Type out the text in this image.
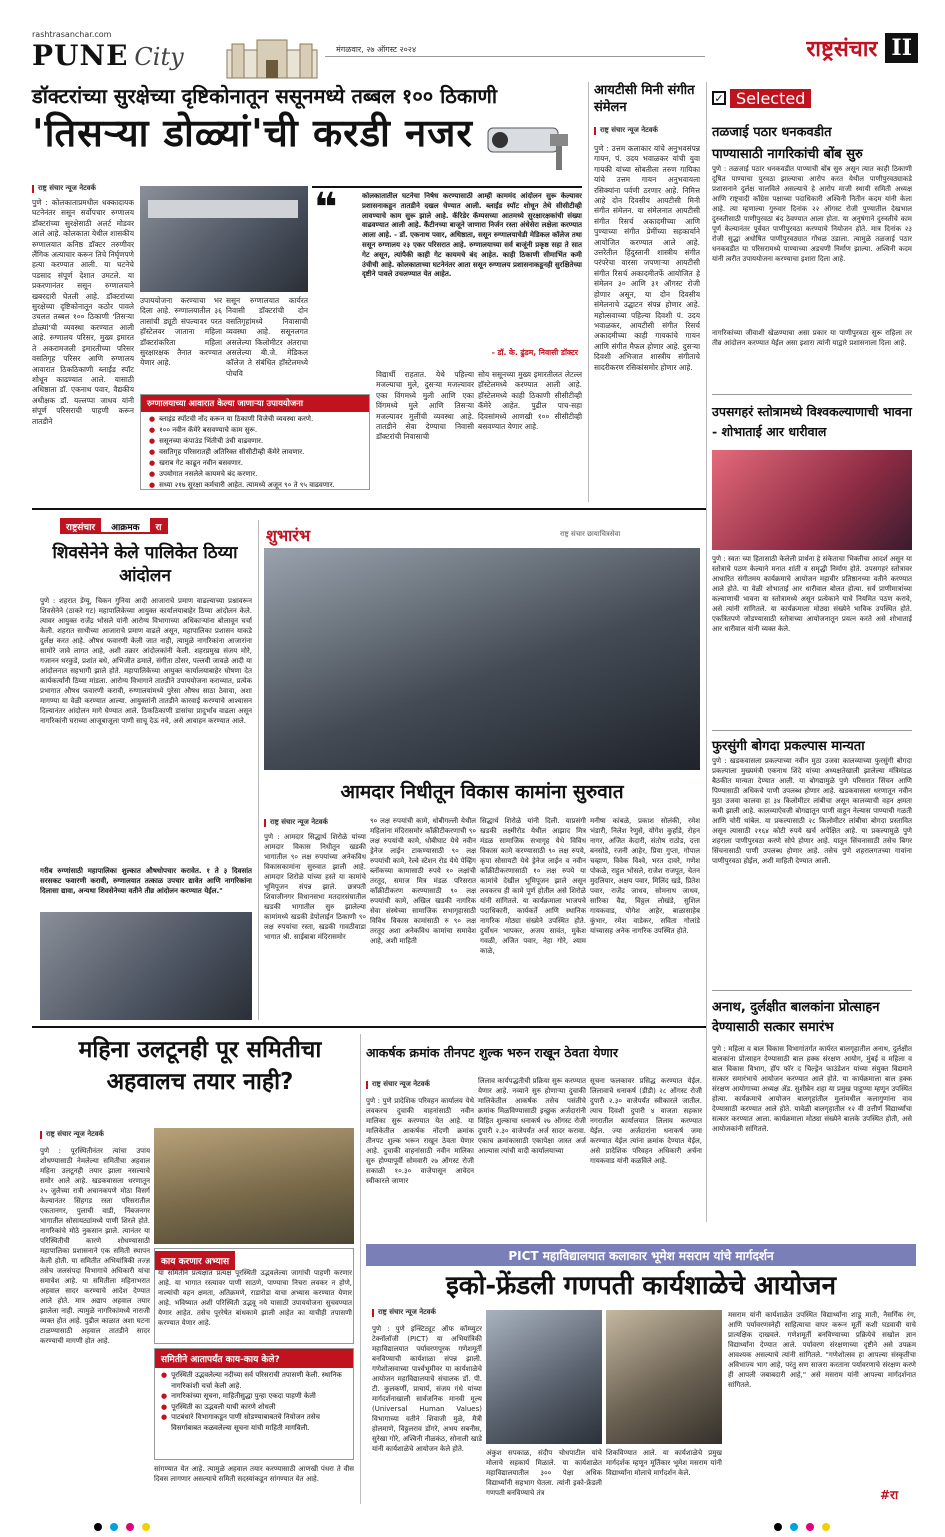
rashtrasanchar.com
PUNE City	मंगळवार, २७ ऑगस्ट २०२४	राष्ट्रसंचार II
डॉक्टरांच्या सुरक्षेच्या दृष्टिकोनातून ससूनमध्ये तब्बल १०० ठिकाणी
'तिसऱ्या डोळ्यां'ची करडी नजर
राष्ट्र संचार न्यूज नेटवर्क
पुणे : कोलकाताप्रमधील धक्कादायक घटनेनंतर ससून सर्वोपचार रुग्णालय डॉक्टरांच्या सुरक्षेसाठी अलर्ट मोडवर आले आहे. कोलकाता येथील शासकीय रुग्णालयात कनिष्ठ डॉक्टर तरुणीवर लैंगिक अत्याचार करून तिचे निर्घृणपणे हत्या करण्यात आली. या घटनेचे पडसाद संपूर्ण देशात उमटले. या प्रकरणानंतर ससून रुग्णालयाने खबरदारी घेतली आहे. डॉक्टरांच्या सुरक्षेच्या दृष्टिकोनातून कठोर पावले उचलत तब्बल १०० ठिकाणी 'तिसऱ्या डोळ्यां'ची व्यवस्था करण्यात आली आहे. रुग्णालय परिसर, मुख्य इमारत ते अकरामजली इमारतीच्या परिसर वसतिगृह परिसर आणि रुग्णालय आवारात ठिकठिकाणी ब्लाईंड स्पॉट शोधून काढण्यात आले. यासाठी अधिष्ठाता डॉ. एकनाथ पवार, वैद्यकीय अधीक्षक डॉ. यल्लप्पा जाधव यांनी संपूर्ण परिसराची पाहणी करून तातडीने
उपाययोजना करण्याचा भर दिला आहे. रुग्णालयातील ३६ तासांची ड्यूटी संपल्यावर परत हॉस्टेलवर जाताना महिला डॉक्टरांकरिता महिला सुरक्षारक्षक तैनात करण्यात येणार आहे.
ससून रुग्णालयात कार्यरत निवासी डॉक्टरांची दोन वसतिगृहांमध्ये निवासाची व्यवस्था आहे. ससूनलगत असलेल्या किलोमीटर अंतराचा असलेल्या बी.जे. मेडिकल कॉलेज ते संबंधित हॉस्टेलमध्ये पोचवि
❝	कोलकातातील घटनेचा निषेध करण्यासाठी आम्ही काममंद आंदोलन सुरू केल्यावर प्रशासनाकडून तातडीने दखल घेण्यात आली. ब्लाईंड स्पॉट शोधून तेथे सीसीटीव्ही लावण्याचे काम सुरू झाले आहे. कॅरिडेर कॅम्पसच्या आतमध्ये सुरक्षारक्षकांची संख्या वाढवण्यात आली आहे. कैंटीनच्या बाजूने जाणारा निर्जन रस्ता अंधेसेरा लक्षेला करण्यात आला आहे. - डॉ. एकनाथ पवार, अधिष्ठाता, ससून रुग्णालयाचेडी मेडिकल कॉलेज तथा ससून रुग्णालय २३ एकर परिसरात आहे. रुग्णालयाच्या सर्व बाजूंनी प्रकृष्ठ सहा ते सात गेट असून, त्यांपैकी काही गेट कायमचे बंद आहेत. काही ठिकाणी सीमाभिंत कमी उंचीची आहे. कोलकाताच्या घटनेनंतर आता ससून रुग्णालय प्रशासनाकडूनही सुरक्षितेच्या दृष्टीने पावले उचलण्यात येत आहेत.
- डॉ. के. ढुंडम, निवासी डॉक्टर
रुग्णालयाच्या आवारात केल्या जाणाऱ्या उपाययोजना
● ब्लाइंड स्पॉटची नोंद करून या ठिकाणी विजेची व्यवस्था करणे.
● १०० नवीन कॅमेरे बसवण्याचे काम सुरू.
● ससूनच्या कंपाउंड भिंतीची उंची वाढवणार.
● वसतिगृह परिसरातही अतिरिक्त सीसीटीव्ही कॅमेरे लावणार.
● खराब गेट काढून नवीन बसवणार.
● उपयोगात नसलेले कायमचे बंद करणार.
● सध्या २१७ सुरक्षा कर्मचारी आहेत. त्यामध्ये अजून ९० ते ९५ वाढवणार.
विद्यार्थी राहतात. येथे पहिल्या मजल्याचा मुले, दुसऱ्या मजल्यावर एका विंगमध्ये मुली आणि एका विंगमध्ये मुले आणि तिसऱ्या मजल्यावर मुलींची व्यवस्था आहे. तातडीने सेवा देण्याचा निवासी डॉक्टरांची निवासाची
सोय ससूनच्या मुख्य इमारतीलत लेटल्ल हॉस्टेलमध्ये करण्यात आली आहे. हॉस्टेलमध्ये काही ठिकाणी सीसीटीव्ही कॅमेरे आहेत. पुढील पाच-सहा दिवसांमध्ये आणखी १०० सीसीटीव्ही बसवण्यात येणार आहे.
आयटीसी मिनी संगीत संमेलन
राष्ट्र संचार न्यूज नेटवर्क
पुणे : उत्तम कलाकार यांचे अनुभवसंपन्न गायन, पं. उदय भवाळकर यांची युवा गायकी यांच्या सोबतीला तरुण गायिका यांचे उत्तम गायन अनुभवायला रसिक्यांना पर्वणी ठरणार आहे. निमित्त आहे दोन दिवसीय आयटीसी मिनी संगीत संमेलन. या संमेलनात आयटीसी संगीत रिसर्च अकादमीच्या आणि पुण्याच्या संगीत प्रेमींच्या सहकार्याने आयोजित करण्यात आले आहे. उत्तरेतील हिंदुस्तानी शास्त्रीय संगीत परंपरेचा वारसा जपणाऱ्या आयटीसी संगीत रिसर्च अकादमीतर्फे आयोजित हे संमेलन ३० आणि ३१ ऑगस्ट रोजी होणार असून, या दोन दिवसीय संमेलनाचे उद्घाटन संपन्न होणार आहे. महोत्सवाच्या पहिल्या दिवशी पं. उदय भवाळकर, आयटीसी संगीत रिसर्च अकादमीच्या काही गायकांचे गायन आणि संगीत मैफल होणार आहे. दुसऱ्या दिवशी अभिजात शास्त्रीय संगीताचे सादरीकरण रसिकांसमोर होणार आहे.
✓ Selected
तळजाई पठार धनकवडीत
पाण्यासाठी नागरिकांची बोंब सुरु
पुणे : तळजाई पठार धनकवडीत पाण्याची बोंब सुरु असून त्यात काही ठिकाणी दूषित पाण्याचा पुरवठा झाल्याचा आरोप करत येथील पाणीपुरवठ्याकडे प्रशासनाने दुर्लक्ष चालविले असल्याचे हे आरोप माजी स्थायी समिती अध्यक्ष आणि राष्ट्रवादी काँग्रेस पक्षाच्या पदाधिकारी अश्विनी नितीन कदम यांनी केला आहे. त्या म्हणाल्या गुरुवार दिनांक २२ ऑगस्ट रोजी पुण्यातील देखभाल दुरुस्तीसाठी पाणीपुरवठा बंद ठेवण्यात आला होता. या अनुषंगाने दुरुस्तीचे काम पूर्ण केल्यानंतर पूर्ववत पाणीपुरवठा करण्याचे नियोजन होते. मात्र दिनांक २३ रोजी सुद्धा अधोषित पाणीपुरवठ्यात गोंधळ उडाला. त्यामुळे तळजाई पठार धनकवडीत या परिसरामध्ये पाण्याच्या अडचणी निर्माण झाल्या. अश्विनी कदम यांनी त्वरीत उपाययोजना करण्याचा इशारा दिला आहे.
नागरिकांच्या जीवाशी खेळण्याचा असा प्रकार या पाणीपुरवठा सुरू राहिला तर तीव्र आंदोलन करण्यात येईल असा इशारा त्यांनी याद्वारे प्रशासनाला दिला आहे.
उपसगहरं स्तोत्रामध्ये विश्वकल्याणाची भावना - शोभाताई आर धारीवाल
पुणे : स्वतः च्या हितासाठी केलेली प्रार्थना हे संकेताचा भिक्तीचा आदर्श असून या स्तोत्राचे पठण केल्याने मनात शांती व समृद्धी निर्माण होते. उपसगहरं स्तोत्रावर आधारित संगीतमय कार्यक्रमाचे आयोजन महावीर प्रतिष्ठानच्या वतीने करण्यात आले होते. या वेळी शोभाताई आर धारीवाल बोलत होत्या. सर्व प्राणीमात्रांच्या कल्याणाची भावना या स्तोत्रामध्ये असून प्रत्येकाने याचे नियमित पठण करावे, असे त्यांनी सांगितले. या कार्यक्रमाला मोठ्या संख्येने भाविक उपस्थित होते. एकत्रितपणे जोडण्यासाठी स्तोत्राच्या आयोजनातून प्रयत्न करते असे शोभाताई आर धारीवाल यांनी व्यक्त केले.
फुरसुंगी बोगदा प्रकल्पास मान्यता
पुणे : खडकवासला प्रकल्पाच्या नवीन मुठा उजवा कालव्याच्या फुरसुंगी बोगदा प्रकल्पाला मुख्यमंत्री एकनाथ शिंदे यांच्या अध्यक्षतेखाली झालेल्या मंत्रिमंडळ बैठकीत मान्यता देण्यात आली. या बोगद्यामुळे पुणे परिसरात सिंचन आणि पिण्यासाठी अधिकचे पाणी उपलब्ध होणार आहे. खडकवासला धरणातून नवीन मुठा उजवा कालवा हा ३४ किलोमीटर लांबीचा असून कालव्याची वहन क्षमता कमी झाली आहे. कालव्याऐवजी बोगद्यातून पाणी वाहून नेल्यास पाण्याची गळती आणि चोरी थांबेल. या प्रकल्पासाठी २८ किलोमीटर लांबीचा बोगदा प्रस्तावित असून त्यासाठी २१६४ कोटी रुपये खर्च अपेक्षित आहे. या प्रकल्पामुळे पुणे शहराला पाणीपुरवठा करणे सोपे होणार आहे. यातून सिंचनासाठी तसेच बिगर सिंचनासाठी पाणी उपलब्ध होणार आहे. तसेच पुणे शहरालगतच्या गावांना पाणीपुरवठा होईल, अशी माहिती देण्यात आली.
अनाथ, दुर्लक्षीत बालकांना प्रोत्साहन देण्यासाठी सत्कार समारंभ
पुणे : महिला व बाल विकास विभागांतर्गत कार्यरत बालगृहातील अनाथ, दुर्लक्षीत बालकांना प्रोत्साहन देण्यासाठी बाल हक्क संरक्षण आयोग, मुंबई व महिला व बाल विकास विभाग, हॉप फॉर द चिल्ड्रेन फाउंडेशन यांच्या संयुक्त विद्यमाने सत्कार समारंभाचे आयोजन करण्यात आले होते. या कार्यक्रमाला बाल हक्क संरक्षण आयोगाच्या अध्यक्ष ॲड. सुशीबेन शहा या प्रमुख पाहुण्या म्हणून उपस्थित होत्या. कार्यक्रमाचे आयोजन बालगृहांतील मुलांमधील कलागुणांना वाव देण्यासाठी करण्यात आले होते. यावेळी बालगृहातील १२ वी उत्तीर्ण विद्यार्थ्यांचा सत्कार करण्यात आला. कार्यक्रमाला मोठ्या संख्येने बालके उपस्थित होती, असे आयोजकांनी सांगितले.
राष्ट्रसंचार	आक्रमक	रा
शिवसेनेने केले पालिकेत ठिय्या आंदोलन
पुणे : शहरात डेंग्यू, चिकन गुनिया आदी आजाराचे प्रमाण वाढल्याच्या प्रश्नावरून शिवसेनेने (ठाकरे गट) महापालिकेच्या आयुक्त कार्यालयाबाहेर ठिय्या आंदोलन केले. त्यावर आयुक्त राजेंद्र भोसले यांनी आरोग्य विभागाच्या अधिकाऱ्यांना बोलावून चर्चा केली. शहरात साथीच्या आजाराचे प्रमाण वाढले असून, महापालिका प्रशासन याकडे दुर्लक्ष करत आहे. औषध फवारणी केली जात नाही, त्यामुळे नागरिकांना आजारांना सामोरे जावे लागत आहे, अशी तक्रार आंदोलकांनी केली. शहरप्रमुख संजय मोरे, गजानन थरकुडे, प्रशांत बधे, अभिजीत ढमाले, संगीता ठोसर, पल्लवी जावळे आदी या आंदोलनात सहभागी झाले होते. महापालिकेच्या आयुक्त कार्यालयाबाहेर घोषणा देत कार्यकर्त्यांनी ठिय्या मांडला. आरोग्य विभागाने तातडीने उपाययोजना कराव्यात, प्रत्येक प्रभागात औषध फवारणी करावी, रुग्णालयांमध्ये पुरेसा औषध साठा ठेवावा, अशा मागण्या या वेळी करण्यात आल्या. आयुक्तांनी तातडीने कारवाई करण्याचे आश्वासन दिल्यानंतर आंदोलन मागे घेण्यात आले. ठिकठिकाणी डासांचा प्रादुर्भाव वाढला असून नागरिकांनी घराच्या आजूबाजूला पाणी साचू देऊ नये, असे आवाहन करण्यात आले.
गरीब रुग्णांसाठी महापालिका शुल्कात औषधोपचार करावेत. १ ते ३ दिवसांत सरसकट फवारणी करावी, रुग्णालयात तत्काळ उपचार द्यावेत आणि नागरिकांना दिलासा द्यावा, अन्यथा शिवसेनेच्या वतीने तीव्र आंदोलन करण्यात येईल."
शुभारंभ	राष्ट्र संचार छायाचित्रसेवा
आमदार निधीतून विकास कामांना सुरुवात
राष्ट्र संचार न्यूज नेटवर्क
पुणे : आमदार सिद्धार्थ शिरोळे यांच्या आमदार विकास निधीतून खडकी भागातील ९० लक्ष रुपयांच्या अनेकविध विकासकामांना सुरुवात झाली आहे. आमदार शिरोळे यांच्या हस्ते या कामांचे भूमिपूजन संपन्न झाले. छत्रपती शिवाजीनगर विधानसभा मतदारसंघातील खडकी भागातील सुरु झालेल्या कामांमध्ये खडकी डेपोलाईन ठिकाणी ९० लक्ष रुपयांचा रस्ता, खडकी गावठीवाडा भागात श्री. साईबाबा मंदिरासमोर
९० लक्ष रुपयांची कामे, धोबीगल्ली येथील महिलांना मंदिरासमोर कॉंक्रीटीकरणाची ९० लक्ष रुपयांची कामे, धोबीघाट येथे नवीन ड्रेनेज लाईन टाकण्यासाठी ९० लक्ष रुपयांची कामे, रेल्वे स्टेशन रोड येथे पेव्हिंग ब्लॉकच्या कामासाठी रुपये १० लक्षांची तरतूद, समाज मित्र मंडळ परिसरात कॉंक्रीटीकरण करण्यासाठी ९० लक्ष रुपयांची कामे, अखिल खडकी नागरिक सेवा संस्थेच्या सामाजिक सभागृहासाठी विविध विकास कामांसाठी रु ९० लक्ष तरतूद अशा अनेकविध कामांचा समावेश आहे, अशी माहिती
सिद्धार्थ शिरोळे यांनी दिली. याप्रसंगी खडकी लक्ष्मीरोड येथील आझाद मित्र मंडळ सामाजिक सभागृह येथे विविध विकास कामे करण्यासाठी ९० लक्ष रुपये, कृपा सोसायटी येथे ड्रेनेज लाईन व नवीन कॉंक्रीटीकरणासाठी १० लक्ष रुपये या कामांचे देखील भूमिपूजन झाले असून लवकरच ही कामे पूर्ण होतील असे शिरोळे यांनी सांगितले. या कार्यक्रमाला भाजपचे पदाधिकारी, कार्यकर्ते आणि स्थानिक नागरिक मोठ्या संख्येने उपस्थित होते. दुर्योधन भापकर, अजय सावंत, मुकेश गवळी, अजित पवार, नेहा गोरे, श्याम काळे,
मनीषा कांबळे, प्रकाश सोलंकी, रमेश भंडारी, निलेश रेणुसे, योगेश कुर्हाडे, रोहन नागर, अजित केदारी, संतोष राठोड, दत्ता बनसोडे, रजनी आहेर, प्रिया गुप्ता, गोपाल चव्हाण, विवेक विश्वे, भरत दावरे, गणेश पोकळे, राहुल भोसले, राजेश राजपूत, चेतन मुदलियार, अक्षय पवार, मिलिंद खडे, प्रितेश पवार, राजेंद्र जाधव, सोमनाथ जाधव, सारिका वैद्य, विठ्ठल लोखंडे, सुशिल गायकवाड, योगेश आहेर, बाळासाहेब कुंभार, रमेश वाडेकर, सविता गोलांडे यांच्यासह अनेक नागरिक उपस्थित होते.
महिना उलटूनही पूर समितीचा अहवालच तयार नाही?
राष्ट्र संचार न्यूज नेटवर्क
पुणे : पूरस्थितीनंतर त्यांचा उपाय शोधण्यासाठी नेमलेल्या समितीचा अहवाल महिना उलटूनही तयार झाला नसल्याचे समोर आले आहे. खडकवासला धरणातून २५ जुलैच्या रात्री अचानकपणे मोठा विसर्ग केल्यानंतर सिंहगड रस्ता परिसरातील एकतानगर, पुलाची वाडी, निंबजनगर भागातील सोसायट्यांमध्ये पाणी शिरले होते. नागरिकांचे मोठे नुकसान झाले. त्यानंतर या परिस्थितीची कारणे शोधण्यासाठी महापालिका प्रशासनाने एक समिती स्थापन केली होती. या समितीत अभियांत्रिकी तज्ज्ञ तसेच जलसंपदा विभागाचे अधिकारी यांचा समावेश आहे. या समितीला महिनाभरात अहवाल सादर करण्याचे आदेश देण्यात आले होते. मात्र अद्याप अहवाल तयार झालेला नाही. त्यामुळे नागरिकांमध्ये नाराजी व्यक्त होत आहे. पुढील काळात अशा घटना टाळण्यासाठी अहवाल तातडीने सादर करण्याची मागणी होत आहे.
काय करणार अभ्यास
या समितीने प्रत्यक्षात प्रत्यक्ष पूरस्थिती उद्भवलेल्या जागांची पाहणी करणार आहे. या भागात रस्त्यावर पाणी साठणे, पाण्याचा निचरा लवकर न होणे, नाल्यांची वहन क्षमता, अतिक्रमणे, राडारोडा याचा अभ्यास करण्यात येणार आहे. भविष्यात अशी परिस्थिती उद्भवू नये यासाठी उपाययोजना सुचवण्यात येणार आहेत. तसेच पूररेषेत बांधकामे झाली आहेत का याचीही तपासणी करण्यात येणार आहे.
समितीने आतापर्यंत काय-काय केले?
● पूरस्थिती उद्भवलेल्या नदीच्या सर्व परिसराची तपासणी केली. स्थानिक नागरिकांशी चर्चा केली आहे.
● नागरिकांच्या सूचना, माहितीसुद्धा पुन्हा एकदा पाहणी केली
● पूरस्थिती का उद्भवली याची कारणे शोधली
● पाटबंधारे विभागाकडून पाणी सोडण्याबाबतचे नियोजन तसेच विसर्गाबाबत कळवलेल्या सूचना यांची माहिती मागविली.
सांगण्यात येत आहे. त्यामुळे अहवाल तयार करण्यासाठी आणखी पंधरा ते वीस दिवस लागणार असल्याचे समिती सदस्यांकडून सांगण्यात येत आहे.
आकर्षक क्रमांक तीनपट शुल्क भरुन राखून ठेवता येणार
राष्ट्र संचार न्यूज नेटवर्क
पुणे : पुणे प्रादेशिक परिवहन कार्यालय येथे लवकरच दुचाकी वाहनांसाठी नवीन मालिका सुरू करण्यात येत आहे. या मालिकेतील आकर्षक नोंदणी क्रमांक तीनपट शुल्क भरून राखून ठेवता येणार आहे. दुचाकी वाहनांसाठी नवीन मालिका सुरु होण्यापूर्वी सोमवारी २७ ऑगस्ट रोजी सकाळी १०.३० वाजेपासून आवेदन स्वीकारले जाणार
लिलाव कार्यपद्धतीची प्रक्रिया सुरू करण्यात येणार आहे. नव्याने सुरु होणाऱ्या दुचाकी मालिकेतील आकर्षक तसेच पसंतीचे क्रमांक मिळविण्यासाठी इच्छुक अर्जदारांनी विहित शुल्काचा धनाकर्ष २७ ऑगस्ट रोजी दुपारी २.३० वाजेपर्यंत अर्ज सादर करावा. एकाच क्रमांकासाठी एकापेक्षा जास्त अर्ज आल्यास त्यांची यादी कार्यालयाच्या
सूचना फलकावर प्रसिद्ध करण्यात येईल. लिलावाचे धनाकर्ष (डीडी) २८ ऑगस्ट रोजी दुपारी २.३० वाजेपर्यंत स्वीकारले जातील. त्याच दिवशी दुपारी ४ वाजता सहकार नगरातील कार्यालयात लिलाव करण्यात येईल. ज्या अर्जदारांना धनाकर्ष जमा करण्यात येईल त्यांना क्रमांक देण्यात येईल, असे प्रादेशिक परिवहन अधिकारी अर्चना गायकवाड यांनी कळविले आहे.
PICT महाविद्यालयात कलाकार भूमेश मसराम यांचे मार्गदर्शन
इको-फ्रेंडली गणपती कार्यशाळेचे आयोजन
राष्ट्र संचार न्यूज नेटवर्क
पुणे : पुणे इन्स्टिट्यूट ऑफ कॉम्प्युटर टेक्नॉलॉजी (PICT) या अभियांत्रिकी महाविद्यालयात पर्यावरणपूरक गणेशमूर्ती बनविण्याची कार्यशाळा संपन्न झाली. गणेशोत्सवाच्या पार्श्वभूमीवर या कार्यशाळेचे आयोजन महाविद्यालयाचे संचालक डॉ. पी. टी. कुलकर्णी, प्राचार्य, संजय गंधे यांच्या मार्गदर्शनाखाली सार्वजनिक मानवी मूल्य (Universal Human Values) विभागाच्या वतीने शिवाजी मुळे, मैत्री होलमाणे, विठ्ठलराव डोंगरे, अभय सबनीस, सुरेखा गोरे, अश्विनी नीळकंठ, सोनाली खाडे यांनी कार्यशाळेचे आयोजन केले होते.	अंकुश सपकाळ, संदीप चोधपाटील यांचे मोलाचे सहकार्य मिळाले. या कार्यशाळेत महाविद्यालयातील ३०० पेक्षा अधिक विद्यार्थ्यांनी सहभाग घेतला. त्यांनी इको-फ्रेंडली गणपती बनविण्याचे तंत्र
शिकविण्यात आले. या कार्यशाळेचे प्रमुख मार्गदर्शक म्हणून मूर्तिकार भूमेश मसराम यांनी विद्यार्थ्यांना मोलाचे मार्गदर्शन केले.
मसराम यांनी कार्यशाळेत उपस्थित विद्यार्थ्यांना शाडू माती, नैसर्गिक रंग, आणि पर्यावरणस्नेही साहित्याचा वापर करून मूर्ती कशी घडवावी याचे प्रात्यक्षिक दाखवले. गणेशमूर्ती बनविण्याच्या प्रक्रियेचे सखोल ज्ञान विद्यार्थ्यांना देण्यात आले. पर्यावरण संरक्षणाच्या दृष्टीने असे उपक्रम आवश्यक असल्याचे त्यांनी सांगितले. "गणेशोत्सव हा आपल्या संस्कृतीचा अविभाज्य भाग आहे, परंतु सण साजरा करताना पर्यावरणाचे संरक्षण करणे ही आपली जबाबदारी आहे," असे मसराम यांनी आपल्या मार्गदर्शनात सांगितले.
#रा
